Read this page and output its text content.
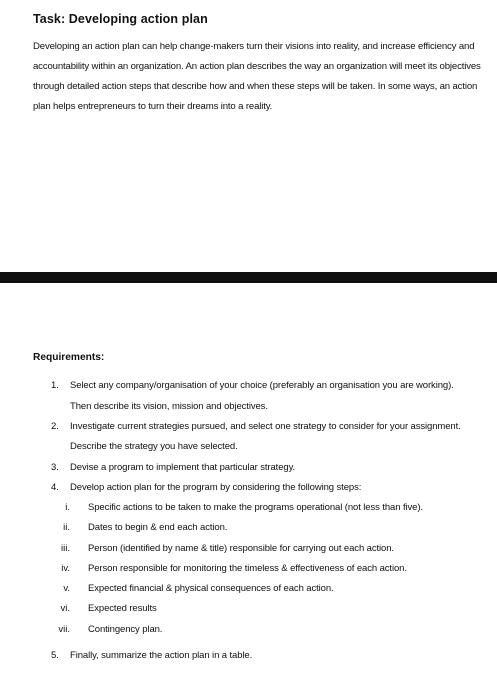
Task: Developing action plan
Developing an action plan can help change-makers turn their visions into reality, and increase efficiency and
accountability within an organization. An action plan describes the way an organization will meet its objectives
through detailed action steps that describe how and when these steps will be taken. In some ways, an action
plan helps entrepreneurs to turn their dreams into a reality.
Requirements:
1. Select any company/organisation of your choice (preferably an organisation you are working).
Then describe its vision, mission and objectives.
2. Investigate current strategies pursued, and select one strategy to consider for your assignment.
Describe the strategy you have selected.
3. Devise a program to implement that particular strategy.
4. Develop action plan for the program by considering the following steps:
i. Specific actions to be taken to make the programs operational (not less than five).
ii. Dates to begin & end each action.
iii. Person (identified by name & title) responsible for carrying out each action.
iv. Person responsible for monitoring the timeless & effectiveness of each action.
v. Expected financial & physical consequences of each action.
vi. Expected results
vii. Contingency plan.
5. Finally, summarize the action plan in a table.
